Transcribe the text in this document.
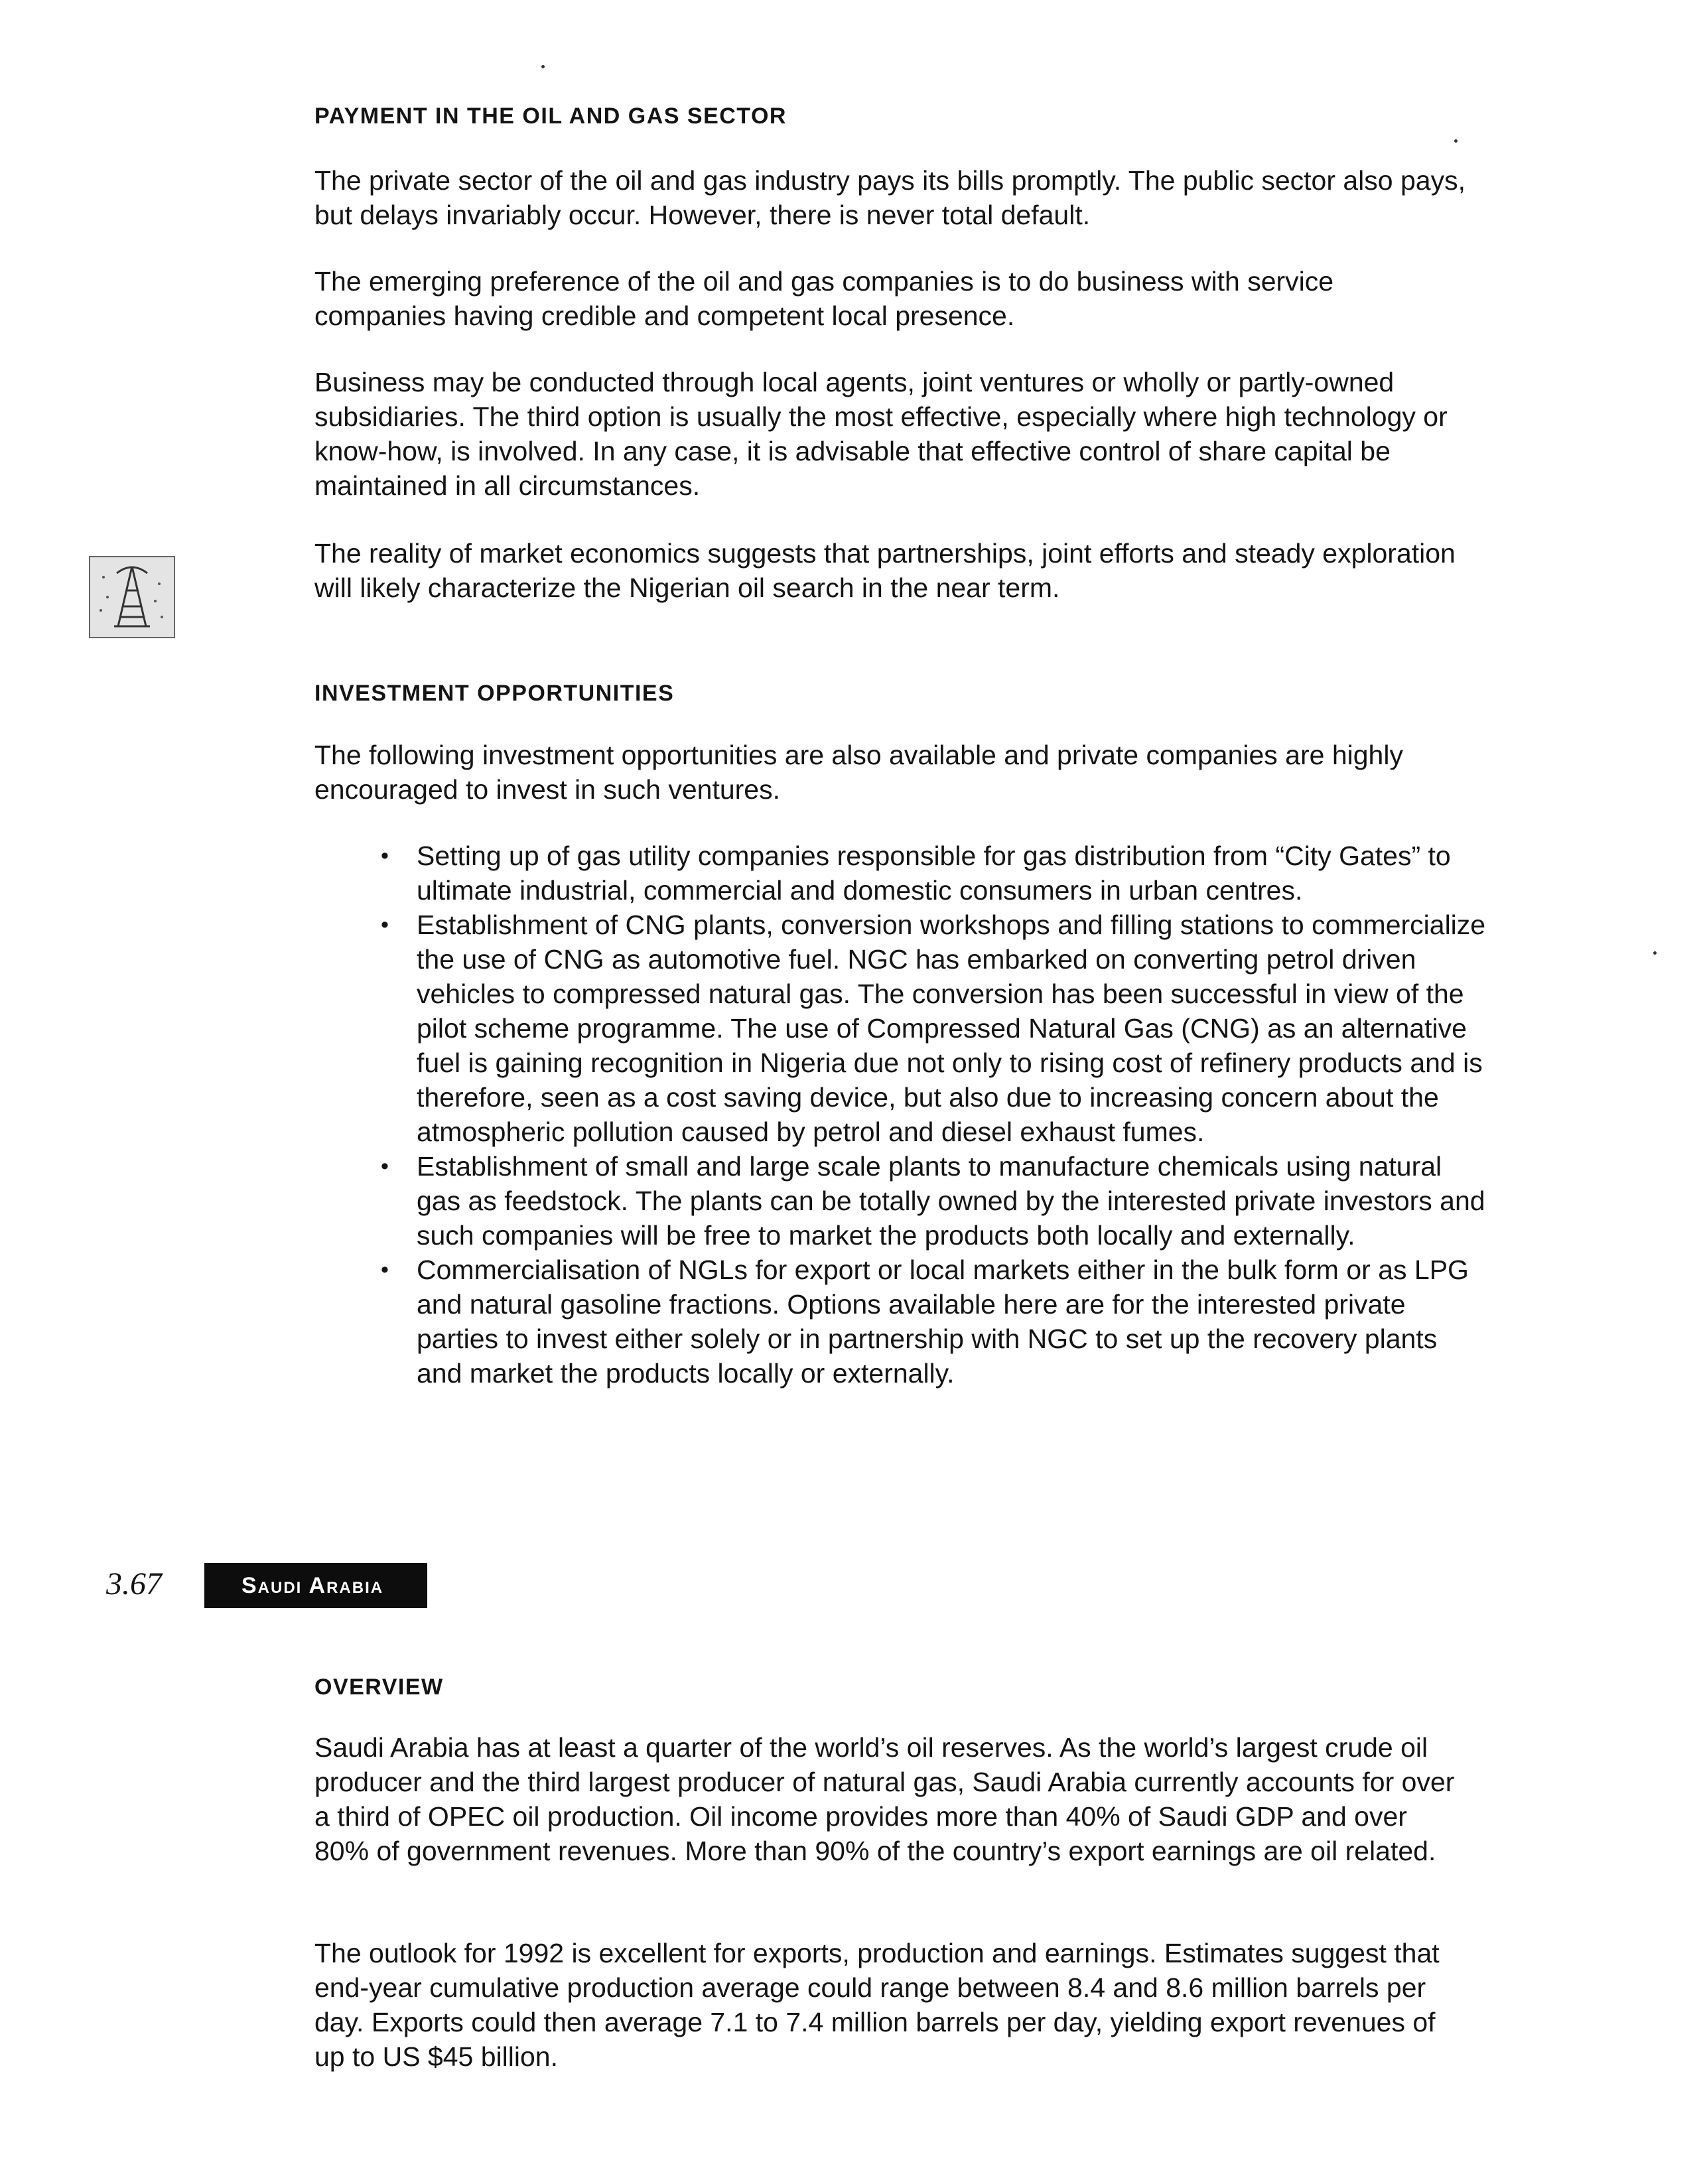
PAYMENT IN THE OIL AND GAS SECTOR

The private sector of the oil and gas industry pays its bills promptly. The public sector also pays, but delays invariably occur. However, there is never total default.

The emerging preference of the oil and gas companies is to do business with service companies having credible and competent local presence.

Business may be conducted through local agents, joint ventures or wholly or partly-owned subsidiaries. The third option is usually the most effective, especially where high technology or know-how, is involved. In any case, it is advisable that effective control of share capital be maintained in all circumstances.

The reality of market economics suggests that partnerships, joint efforts and steady exploration will likely characterize the Nigerian oil search in the near term.

INVESTMENT OPPORTUNITIES

The following investment opportunities are also available and private companies are highly encouraged to invest in such ventures.

• Setting up of gas utility companies responsible for gas distribution from “City Gates” to ultimate industrial, commercial and domestic consumers in urban centres.
• Establishment of CNG plants, conversion workshops and filling stations to commercialize the use of CNG as automotive fuel. NGC has embarked on converting petrol driven vehicles to compressed natural gas. The conversion has been successful in view of the pilot scheme programme. The use of Compressed Natural Gas (CNG) as an alternative fuel is gaining recognition in Nigeria due not only to rising cost of refinery products and is therefore, seen as a cost saving device, but also due to increasing concern about the atmospheric pollution caused by petrol and diesel exhaust fumes.
• Establishment of small and large scale plants to manufacture chemicals using natural gas as feedstock. The plants can be totally owned by the interested private investors and such companies will be free to market the products both locally and externally.
• Commercialisation of NGLs for export or local markets either in the bulk form or as LPG and natural gasoline fractions. Options available here are for the interested private parties to invest either solely or in partnership with NGC to set up the recovery plants and market the products locally or externally.

3.67	Saudi Arabia
OVERVIEW

Saudi Arabia has at least a quarter of the world’s oil reserves. As the world’s largest crude oil producer and the third largest producer of natural gas, Saudi Arabia currently accounts for over a third of OPEC oil production. Oil income provides more than 40% of Saudi GDP and over 80% of government revenues. More than 90% of the country’s export earnings are oil related.

The outlook for 1992 is excellent for exports, production and earnings. Estimates suggest that end-year cumulative production average could range between 8.4 and 8.6 million barrels per day. Exports could then average 7.1 to 7.4 million barrels per day, yielding export revenues of up to US $45 billion.
